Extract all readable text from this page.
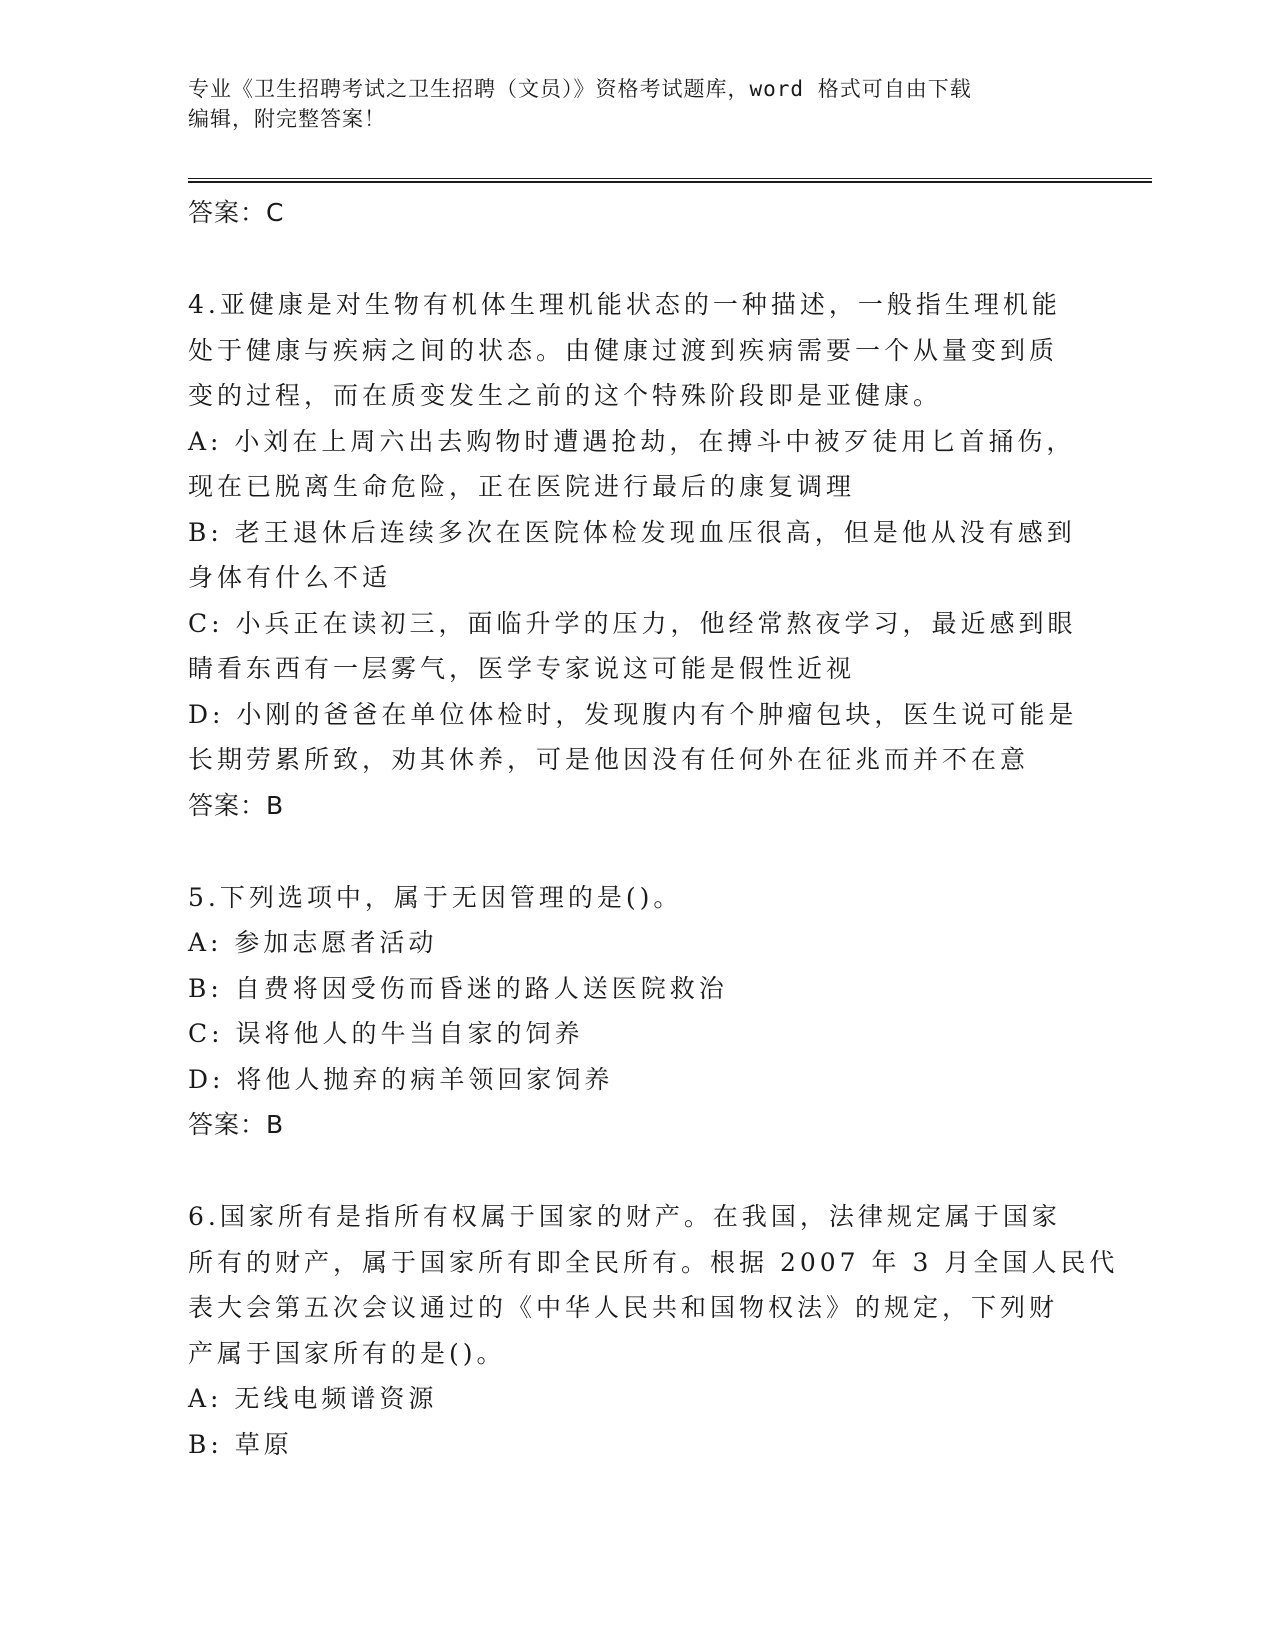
专业《卫生招聘考试之卫生招聘（文员）》资格考试题库，word 格式可自由下载
编辑，附完整答案！

答案：C

4.亚健康是对生物有机体生理机能状态的一种描述，一般指生理机能

处于健康与疾病之间的状态。由健康过渡到疾病需要一个从量变到质

变的过程，而在质变发生之前的这个特殊阶段即是亚健康。

A: 小刘在上周六出去购物时遭遇抢劫，在搏斗中被歹徒用匕首捅伤，

现在已脱离生命危险，正在医院进行最后的康复调理

B: 老王退休后连续多次在医院体检发现血压很高，但是他从没有感到

身体有什么不适

C: 小兵正在读初三，面临升学的压力，他经常熬夜学习，最近感到眼

睛看东西有一层雾气，医学专家说这可能是假性近视

D: 小刚的爸爸在单位体检时，发现腹内有个肿瘤包块，医生说可能是

长期劳累所致，劝其休养，可是他因没有任何外在征兆而并不在意

答案：B

5.下列选项中，属于无因管理的是()。

A: 参加志愿者活动

B: 自费将因受伤而昏迷的路人送医院救治

C: 误将他人的牛当自家的饲养

D: 将他人抛弃的病羊领回家饲养

答案：B

6.国家所有是指所有权属于国家的财产。在我国，法律规定属于国家

所有的财产，属于国家所有即全民所有。根据 2007 年 3 月全国人民代

表大会第五次会议通过的《中华人民共和国物权法》的规定，下列财

产属于国家所有的是()。

A: 无线电频谱资源

B: 草原
